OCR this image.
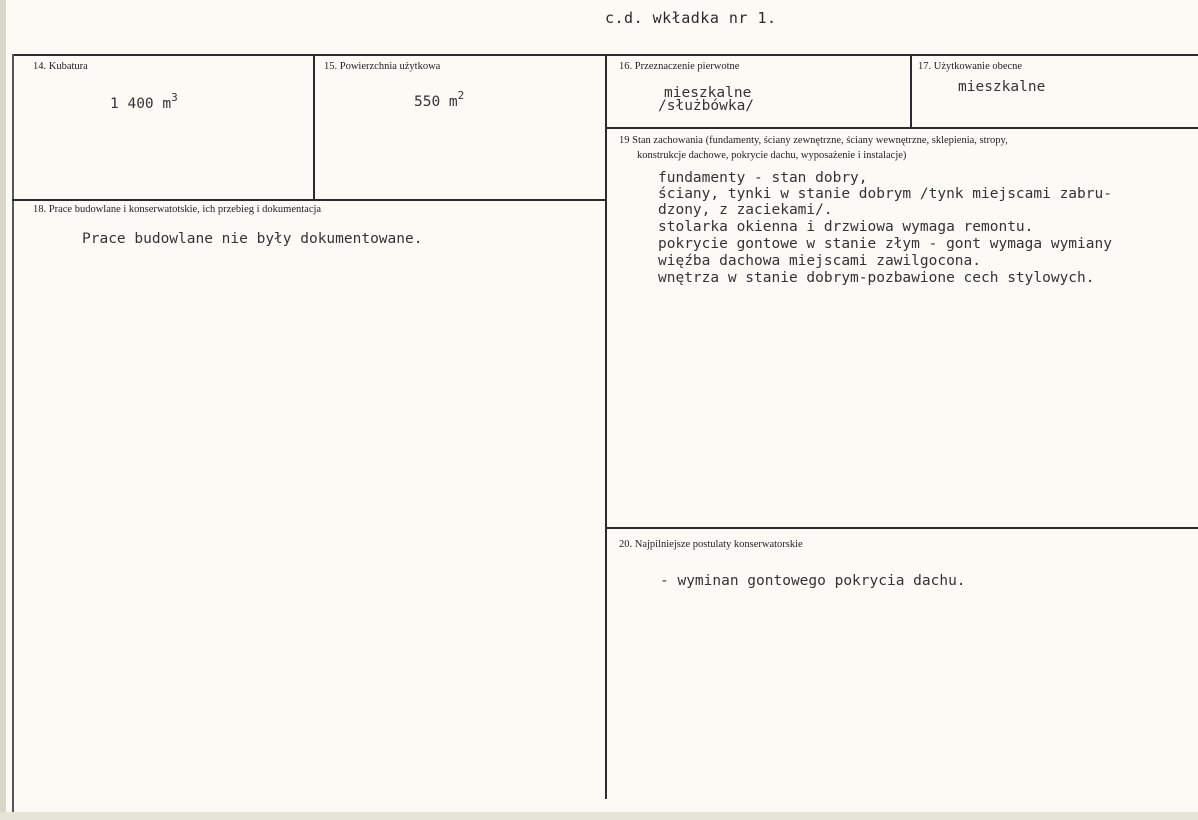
c.d. wkładka nr 1.
14. Kubatura
1 400 $m^3$
15. Powierzchnia użytkowa
550 $m^2$
16. Przeznaczenie pierwotne
mieszkalne
/służbówka/
17. Użytkowanie obecne
mieszkalne
18. Prace budowlane i konserwatotskie, ich przebieg i dokumentacja
Prace budowlane nie były dokumentowane.
19 Stan zachowania (fundamenty, ściany zewnętrzne, ściany wewnętrzne, sklepienia, stropy,
konstrukcje dachowe, pokrycie dachu, wyposażenie i instalacje)
fundamenty - stan dobry,
ściany, tynki w stanie dobrym /tynk miejscami zabru-
dzony, z zaciekami/.
stolarka okienna i drzwiowa wymaga remontu.
pokrycie gontowe w stanie złym - gont wymaga wymiany
więźba dachowa miejscami zawilgocona.
wnętrza w stanie dobrym-pozbawione cech stylowych.
20. Najpilniejsze postulaty konserwatorskie
- wyminan gontowego pokrycia dachu.
